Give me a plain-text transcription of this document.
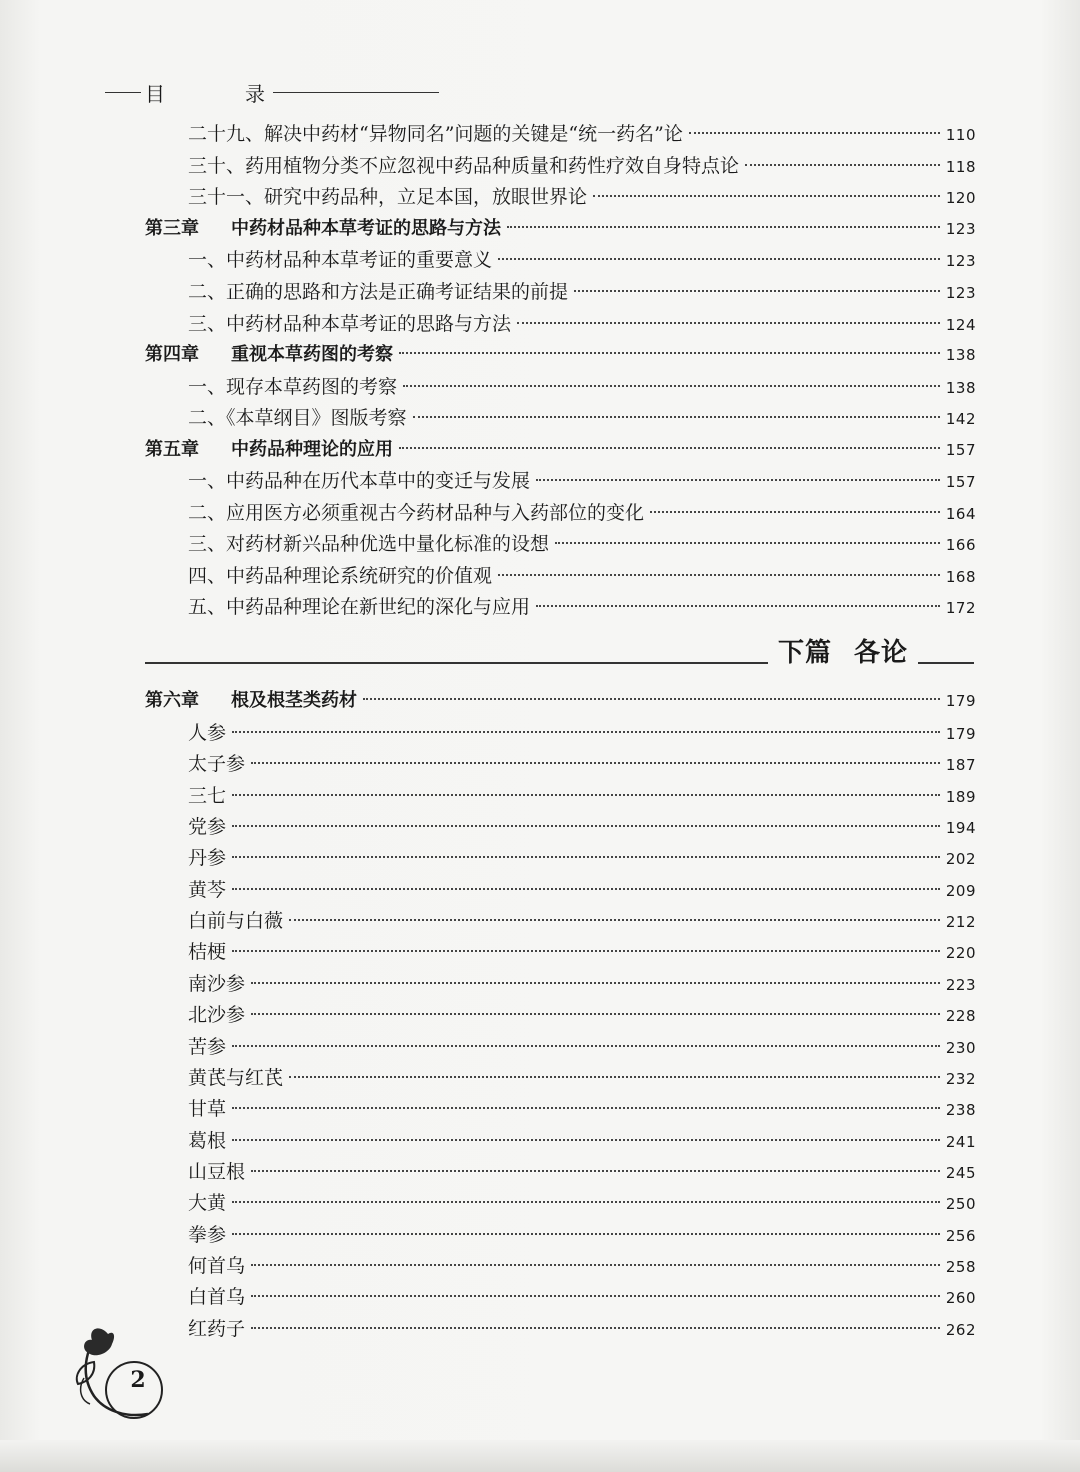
目　录
二十九、解决中药材“异物同名”问题的关键是“统一药名”论	110
三十、药用植物分类不应忽视中药品种质量和药性疗效自身特点论	118
三十一、研究中药品种，立足本国，放眼世界论	120
第三章 中药材品种本草考证的思路与方法	123
一、中药材品种本草考证的重要意义	123
二、正确的思路和方法是正确考证结果的前提	123
三、中药材品种本草考证的思路与方法	124
第四章 重视本草药图的考察	138
一、现存本草药图的考察	138
二、《本草纲目》图版考察	142
第五章 中药品种理论的应用	157
一、中药品种在历代本草中的变迁与发展	157
二、应用医方必须重视古今药材品种与入药部位的变化	164
三、对药材新兴品种优选中量化标准的设想	166
四、中药品种理论系统研究的价值观	168
五、中药品种理论在新世纪的深化与应用	172
下篇 各论
第六章 根及根茎类药材	179
人参	179
太子参	187
三七	189
党参	194
丹参	202
黄芩	209
白前与白薇	212
桔梗	220
南沙参	223
北沙参	228
苦参	230
黄芪与红芪	232
甘草	238
葛根	241
山豆根	245
大黄	250
拳参	256
何首乌	258
白首乌	260
红药子	262
2
